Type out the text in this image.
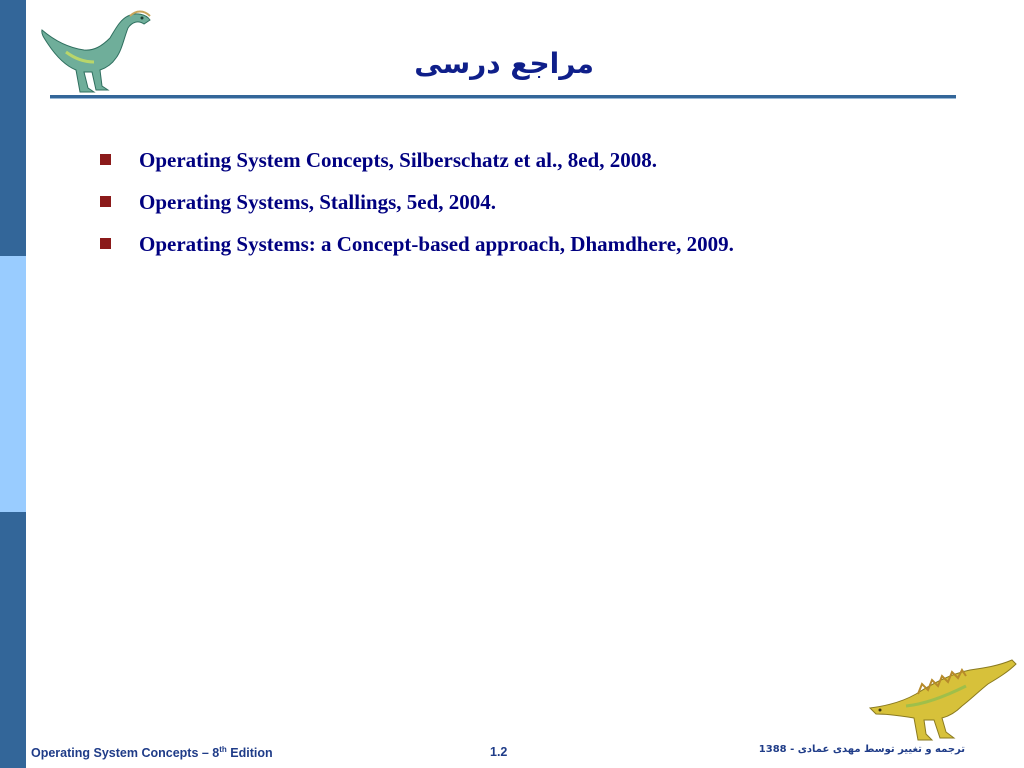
مراجع درسی
Operating System Concepts, Silberschatz et al., 8ed, 2008.
Operating Systems, Stallings, 5ed, 2004.
Operating Systems: a Concept-based approach, Dhamdhere, 2009.
Operating System Concepts – 8th Edition	1.2	ترجمه و تغییر توسط مهدی عمادی - 1388
